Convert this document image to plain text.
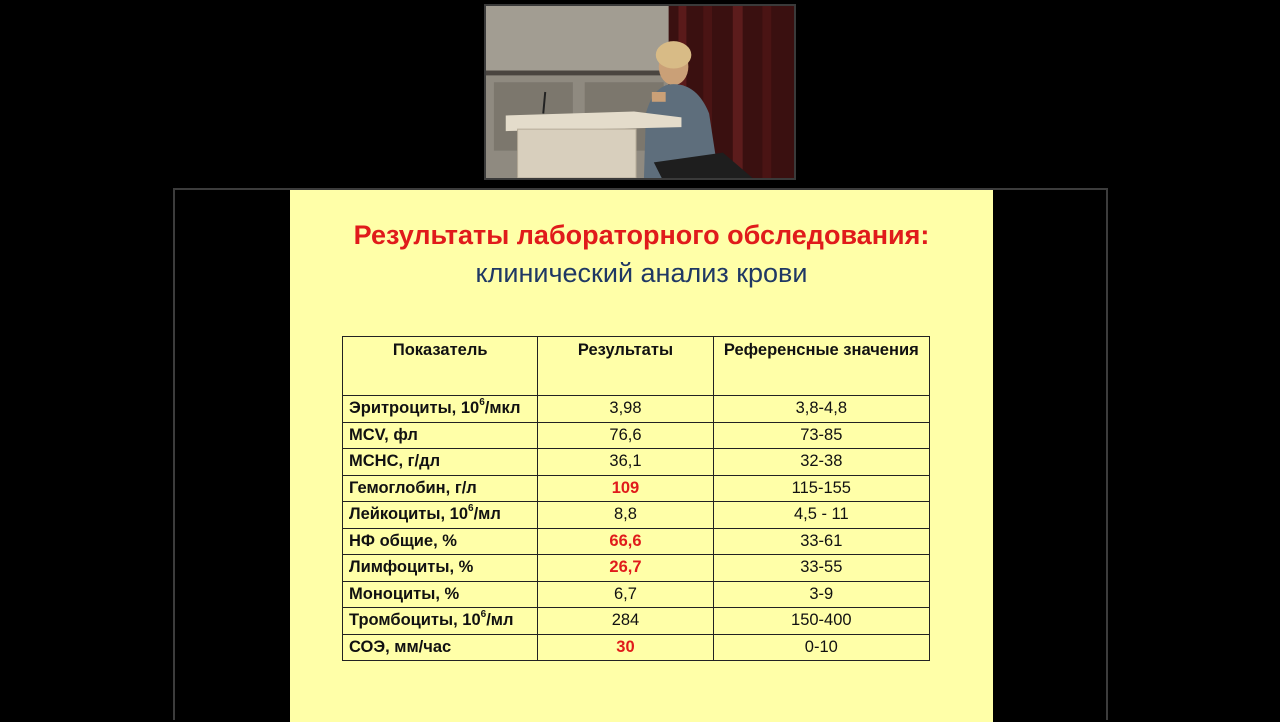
Результаты лабораторного обследования:
клинический анализ крови
Показатель	Результаты	Референсные значения
Эритроциты, $10^6$/мкл	3,98	3,8-4,8
MCV, фл	76,6	73-85
MCHC, г/дл	36,1	32-38
Гемоглобин, г/л	109	115-155
Лейкоциты, $10^6/мл$	8,8	4,5 - 11
НФ общие, %	66,6	33-61
Лимфоциты, %	26,7	33-55
Моноциты, %	6,7	3-9
Тромбоциты, $10^6/мл$	284	150-400
СОЭ, мм/час	30	0-10
